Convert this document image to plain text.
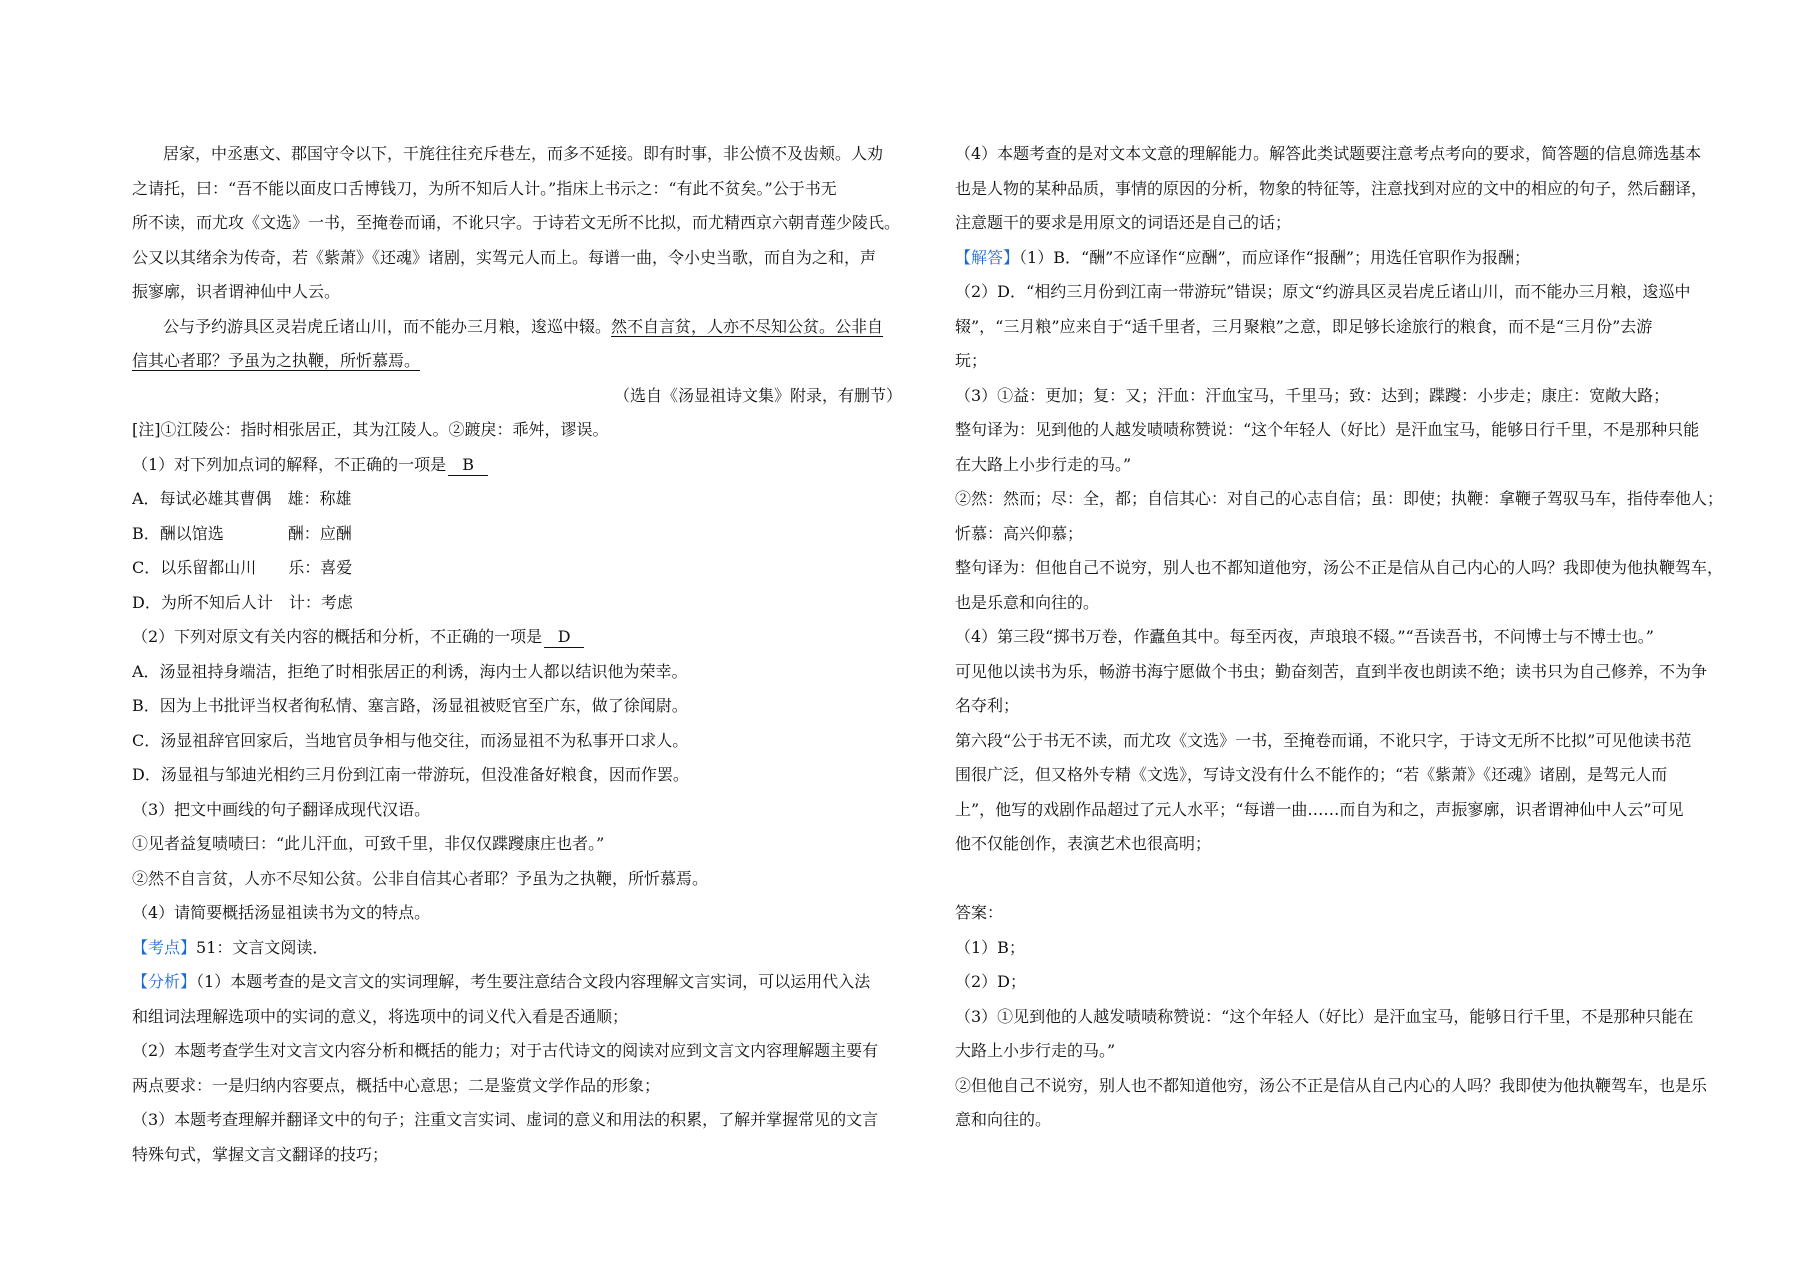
居家，中丞惠文、郡国守令以下，干旄往往充斥巷左，而多不延接。即有时事，非公愤不及齿颊。人劝
之请托，曰：“吾不能以面皮口舌博钱刀，为所不知后人计。”指床上书示之：“有此不贫矣。”公于书无
所不读，而尤攻《文选》一书，至掩卷而诵，不讹只字。于诗若文无所不比拟，而尤精西京六朝青莲少陵氏。
公又以其绪余为传奇，若《紫萧》《还魂》诸剧，实驾元人而上。每谱一曲，令小史当歌，而自为之和，声
振寥廓，识者谓神仙中人云。
公与予约游具区灵岩虎丘诸山川，而不能办三月粮，逡巡中辍。然不自言贫，人亦不尽知公贫。公非自
信其心者耶？予虽为之执鞭，所忻慕焉。
（选自《汤显祖诗文集》附录，有删节）
[注]①江陵公：指时相张居正，其为江陵人。②踱戾：乖舛，谬误。
（1）对下列加点词的解释，不正确的一项是 B
A．每试必雄其曹偶　雄：称雄
B．酬以馆选　　　　酬：应酬
C．以乐留都山川　　乐：喜爱
D．为所不知后人计　计：考虑
（2）下列对原文有关内容的概括和分析，不正确的一项是 D
A．汤显祖持身端洁，拒绝了时相张居正的利诱，海内士人都以结识他为荣幸。
B．因为上书批评当权者徇私情、塞言路，汤显祖被贬官至广东，做了徐闻尉。
C．汤显祖辞官回家后，当地官员争相与他交往，而汤显祖不为私事开口求人。
D．汤显祖与邹迪光相约三月份到江南一带游玩，但没准备好粮食，因而作罢。
（3）把文中画线的句子翻译成现代汉语。
①见者益复啧啧曰：“此儿汗血，可致千里，非仅仅蹀躞康庄也者。”
②然不自言贫，人亦不尽知公贫。公非自信其心者耶？予虽为之执鞭，所忻慕焉。
（4）请简要概括汤显祖读书为文的特点。
【考点】51：文言文阅读．
【分析】（1）本题考查的是文言文的实词理解，考生要注意结合文段内容理解文言实词，可以运用代入法
和组词法理解选项中的实词的意义，将选项中的词义代入看是否通顺；
（2）本题考查学生对文言文内容分析和概括的能力；对于古代诗文的阅读对应到文言文内容理解题主要有
两点要求：一是归纳内容要点，概括中心意思；二是鉴赏文学作品的形象；
（3）本题考查理解并翻译文中的句子；注重文言实词、虚词的意义和用法的积累，了解并掌握常见的文言
特殊句式，掌握文言文翻译的技巧；
（4）本题考查的是对文本文意的理解能力。解答此类试题要注意考点考向的要求，简答题的信息筛选基本
也是人物的某种品质，事情的原因的分析，物象的特征等，注意找到对应的文中的相应的句子，然后翻译，
注意题干的要求是用原文的词语还是自己的话；
【解答】（1）B．“酬”不应译作“应酬”，而应译作“报酬”；用选任官职作为报酬；
（2）D．“相约三月份到江南一带游玩”错误；原文“约游具区灵岩虎丘诸山川，而不能办三月粮，逡巡中
辍”，“三月粮”应来自于“适千里者，三月聚粮”之意，即足够长途旅行的粮食，而不是“三月份”去游
玩；
（3）①益：更加；复：又；汗血：汗血宝马，千里马；致：达到；蹀躞：小步走；康庄：宽敞大路；
整句译为：见到他的人越发啧啧称赞说：“这个年轻人（好比）是汗血宝马，能够日行千里，不是那种只能
在大路上小步行走的马。”
②然：然而；尽：全，都；自信其心：对自己的心志自信；虽：即使；执鞭：拿鞭子驾驭马车，指侍奉他人；
忻慕：高兴仰慕；
整句译为：但他自己不说穷，别人也不都知道他穷，汤公不正是信从自己内心的人吗？我即使为他执鞭驾车，
也是乐意和向往的。
（4）第三段“掷书万卷，作蠹鱼其中。每至丙夜，声琅琅不辍。”“吾读吾书，不问博士与不博士也。”
可见他以读书为乐，畅游书海宁愿做个书虫；勤奋刻苦，直到半夜也朗读不绝；读书只为自己修养，不为争
名夺利；
第六段“公于书无不读，而尤攻《文选》一书，至掩卷而诵，不讹只字，于诗文无所不比拟”可见他读书范
围很广泛，但又格外专精《文选》，写诗文没有什么不能作的；“若《紫萧》《还魂》诸剧，是驾元人而
上”，他写的戏剧作品超过了元人水平；“每谱一曲……而自为和之，声振寥廓，识者谓神仙中人云”可见
他不仅能创作，表演艺术也很高明；
答案：
（1）B；
（2）D；
（3）①见到他的人越发啧啧称赞说：“这个年轻人（好比）是汗血宝马，能够日行千里，不是那种只能在
大路上小步行走的马。”
②但他自己不说穷，别人也不都知道他穷，汤公不正是信从自己内心的人吗？我即使为他执鞭驾车，也是乐
意和向往的。
